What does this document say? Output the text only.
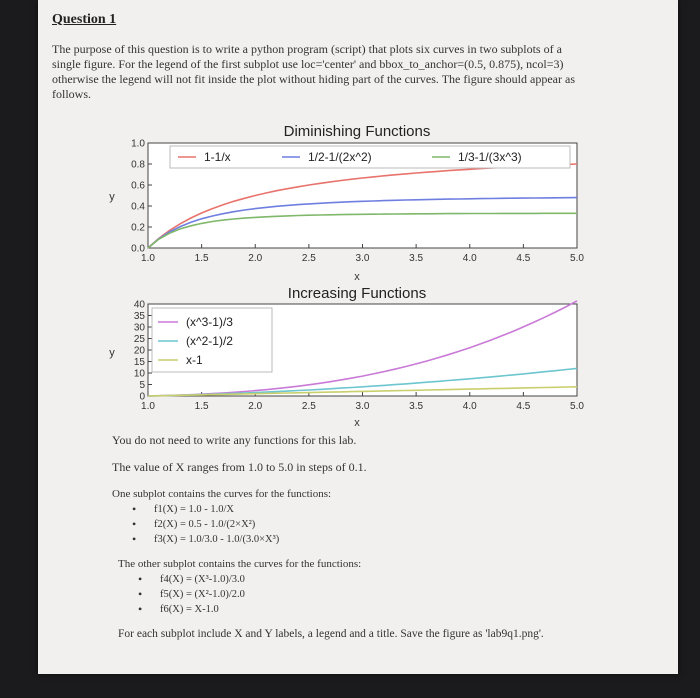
Question 1
The purpose of this question is to write a python program (script) that plots six curves in two subplots of a single figure. For the legend of the first subplot use loc='center' and bbox_to_anchor=(0.5, 0.875), ncol=3) otherwise the legend will not fit inside the plot without hiding part of the curves. The figure should appear as follows.
Diminishing Functions
1.0	1.5	2.0	2.5	3.0	3.5	4.0	4.5	5.0
0.0
0.2
0.4
0.6
0.8
1.0
1-1/x	1/2-1/(2x^2)	1/3-1/(3x^3)
x
y
Increasing Functions
1.0	1.5	2.0	2.5	3.0	3.5	4.0	4.5	5.0
0
5
10
15
20
25
30
35
40
(x^3-1)/3
(x^2-1)/2
x-1
x
y
You do not need to write any functions for this lab.
The value of X ranges from 1.0 to 5.0 in steps of 0.1.
One subplot contains the curves for the functions:
• f1(X) = 1.0 - 1.0/X
• f2(X) = 0.5 - 1.0/(2×X²)
• f3(X) = 1.0/3.0 - 1.0/(3.0×X³)
The other subplot contains the curves for the functions:
• f4(X) = (X³-1.0)/3.0
• f5(X) = (X²-1.0)/2.0
• f6(X) = X-1.0
For each subplot include X and Y labels, a legend and a title. Save the figure as 'lab9q1.png'.
